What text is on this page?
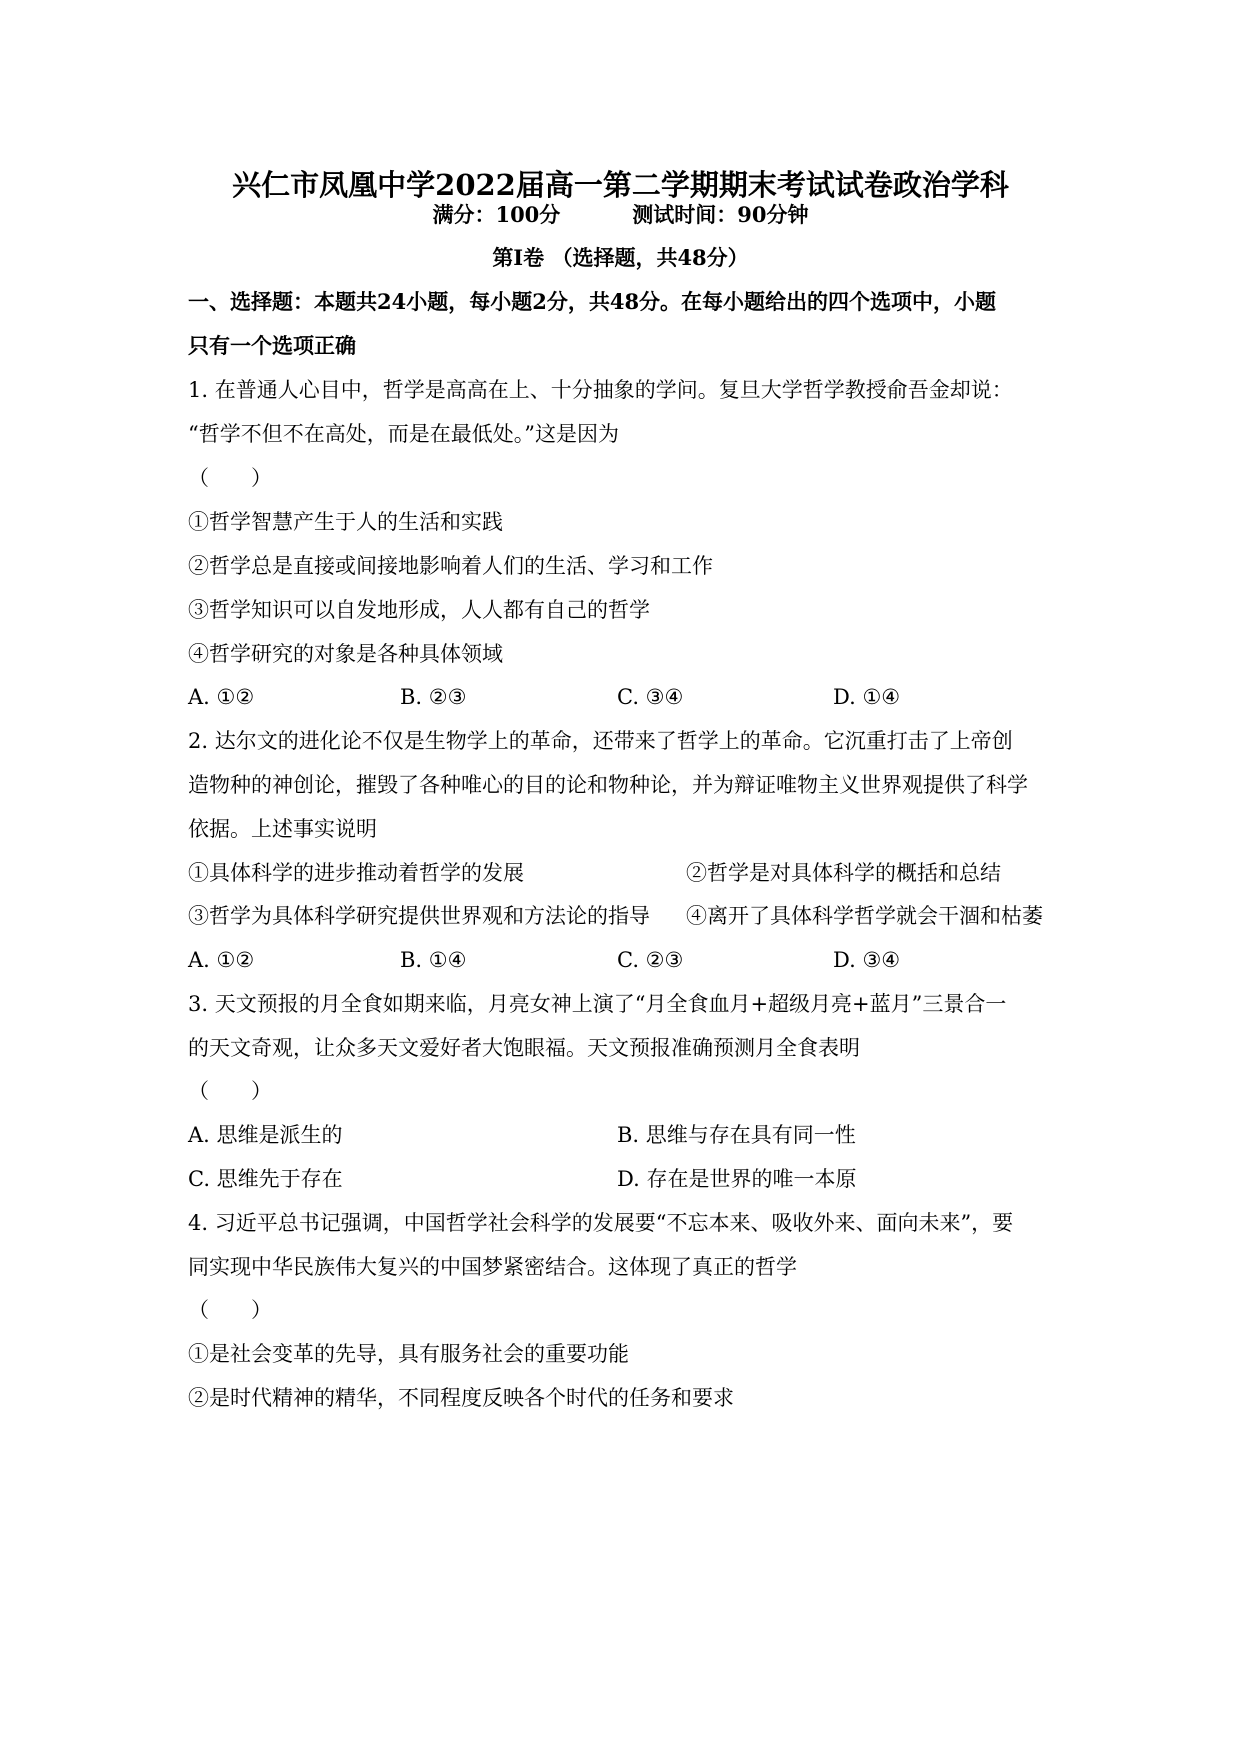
兴仁市凤凰中学2022届高一第二学期期末考试试卷政治学科
满分：100分	测试时间：90分钟
第Ⅰ卷 （选择题，共48分）
一、选择题：本题共24小题，每小题2分，共48分。在每小题给出的四个选项中，小题
只有一个选项正确
1. 在普通人心目中，哲学是高高在上、十分抽象的学问。复旦大学哲学教授俞吾金却说：
“哲学不但不在高处，而是在最低处。”这是因为
（　　）
①哲学智慧产生于人的生活和实践
②哲学总是直接或间接地影响着人们的生活、学习和工作
③哲学知识可以自发地形成，人人都有自己的哲学
④哲学研究的对象是各种具体领域
A. ①②	B. ②③	C. ③④	D. ①④
2. 达尔文的进化论不仅是生物学上的革命，还带来了哲学上的革命。它沉重打击了上帝创
造物种的神创论，摧毁了各种唯心的目的论和物种论，并为辩证唯物主义世界观提供了科学
依据。上述事实说明
①具体科学的进步推动着哲学的发展	②哲学是对具体科学的概括和总结
③哲学为具体科学研究提供世界观和方法论的指导 ④离开了具体科学哲学就会干涸和枯萎
A. ①②	B. ①④	C. ②③	D. ③④
3. 天文预报的月全食如期来临，月亮女神上演了“月全食血月+超级月亮+蓝月”三景合一
的天文奇观，让众多天文爱好者大饱眼福。天文预报准确预测月全食表明
（　　）
A. 思维是派生的	B. 思维与存在具有同一性
C. 思维先于存在	D. 存在是世界的唯一本原
4. 习近平总书记强调，中国哲学社会科学的发展要“不忘本来、吸收外来、面向未来”，要
同实现中华民族伟大复兴的中国梦紧密结合。这体现了真正的哲学
（　　）
①是社会变革的先导，具有服务社会的重要功能
②是时代精神的精华，不同程度反映各个时代的任务和要求
